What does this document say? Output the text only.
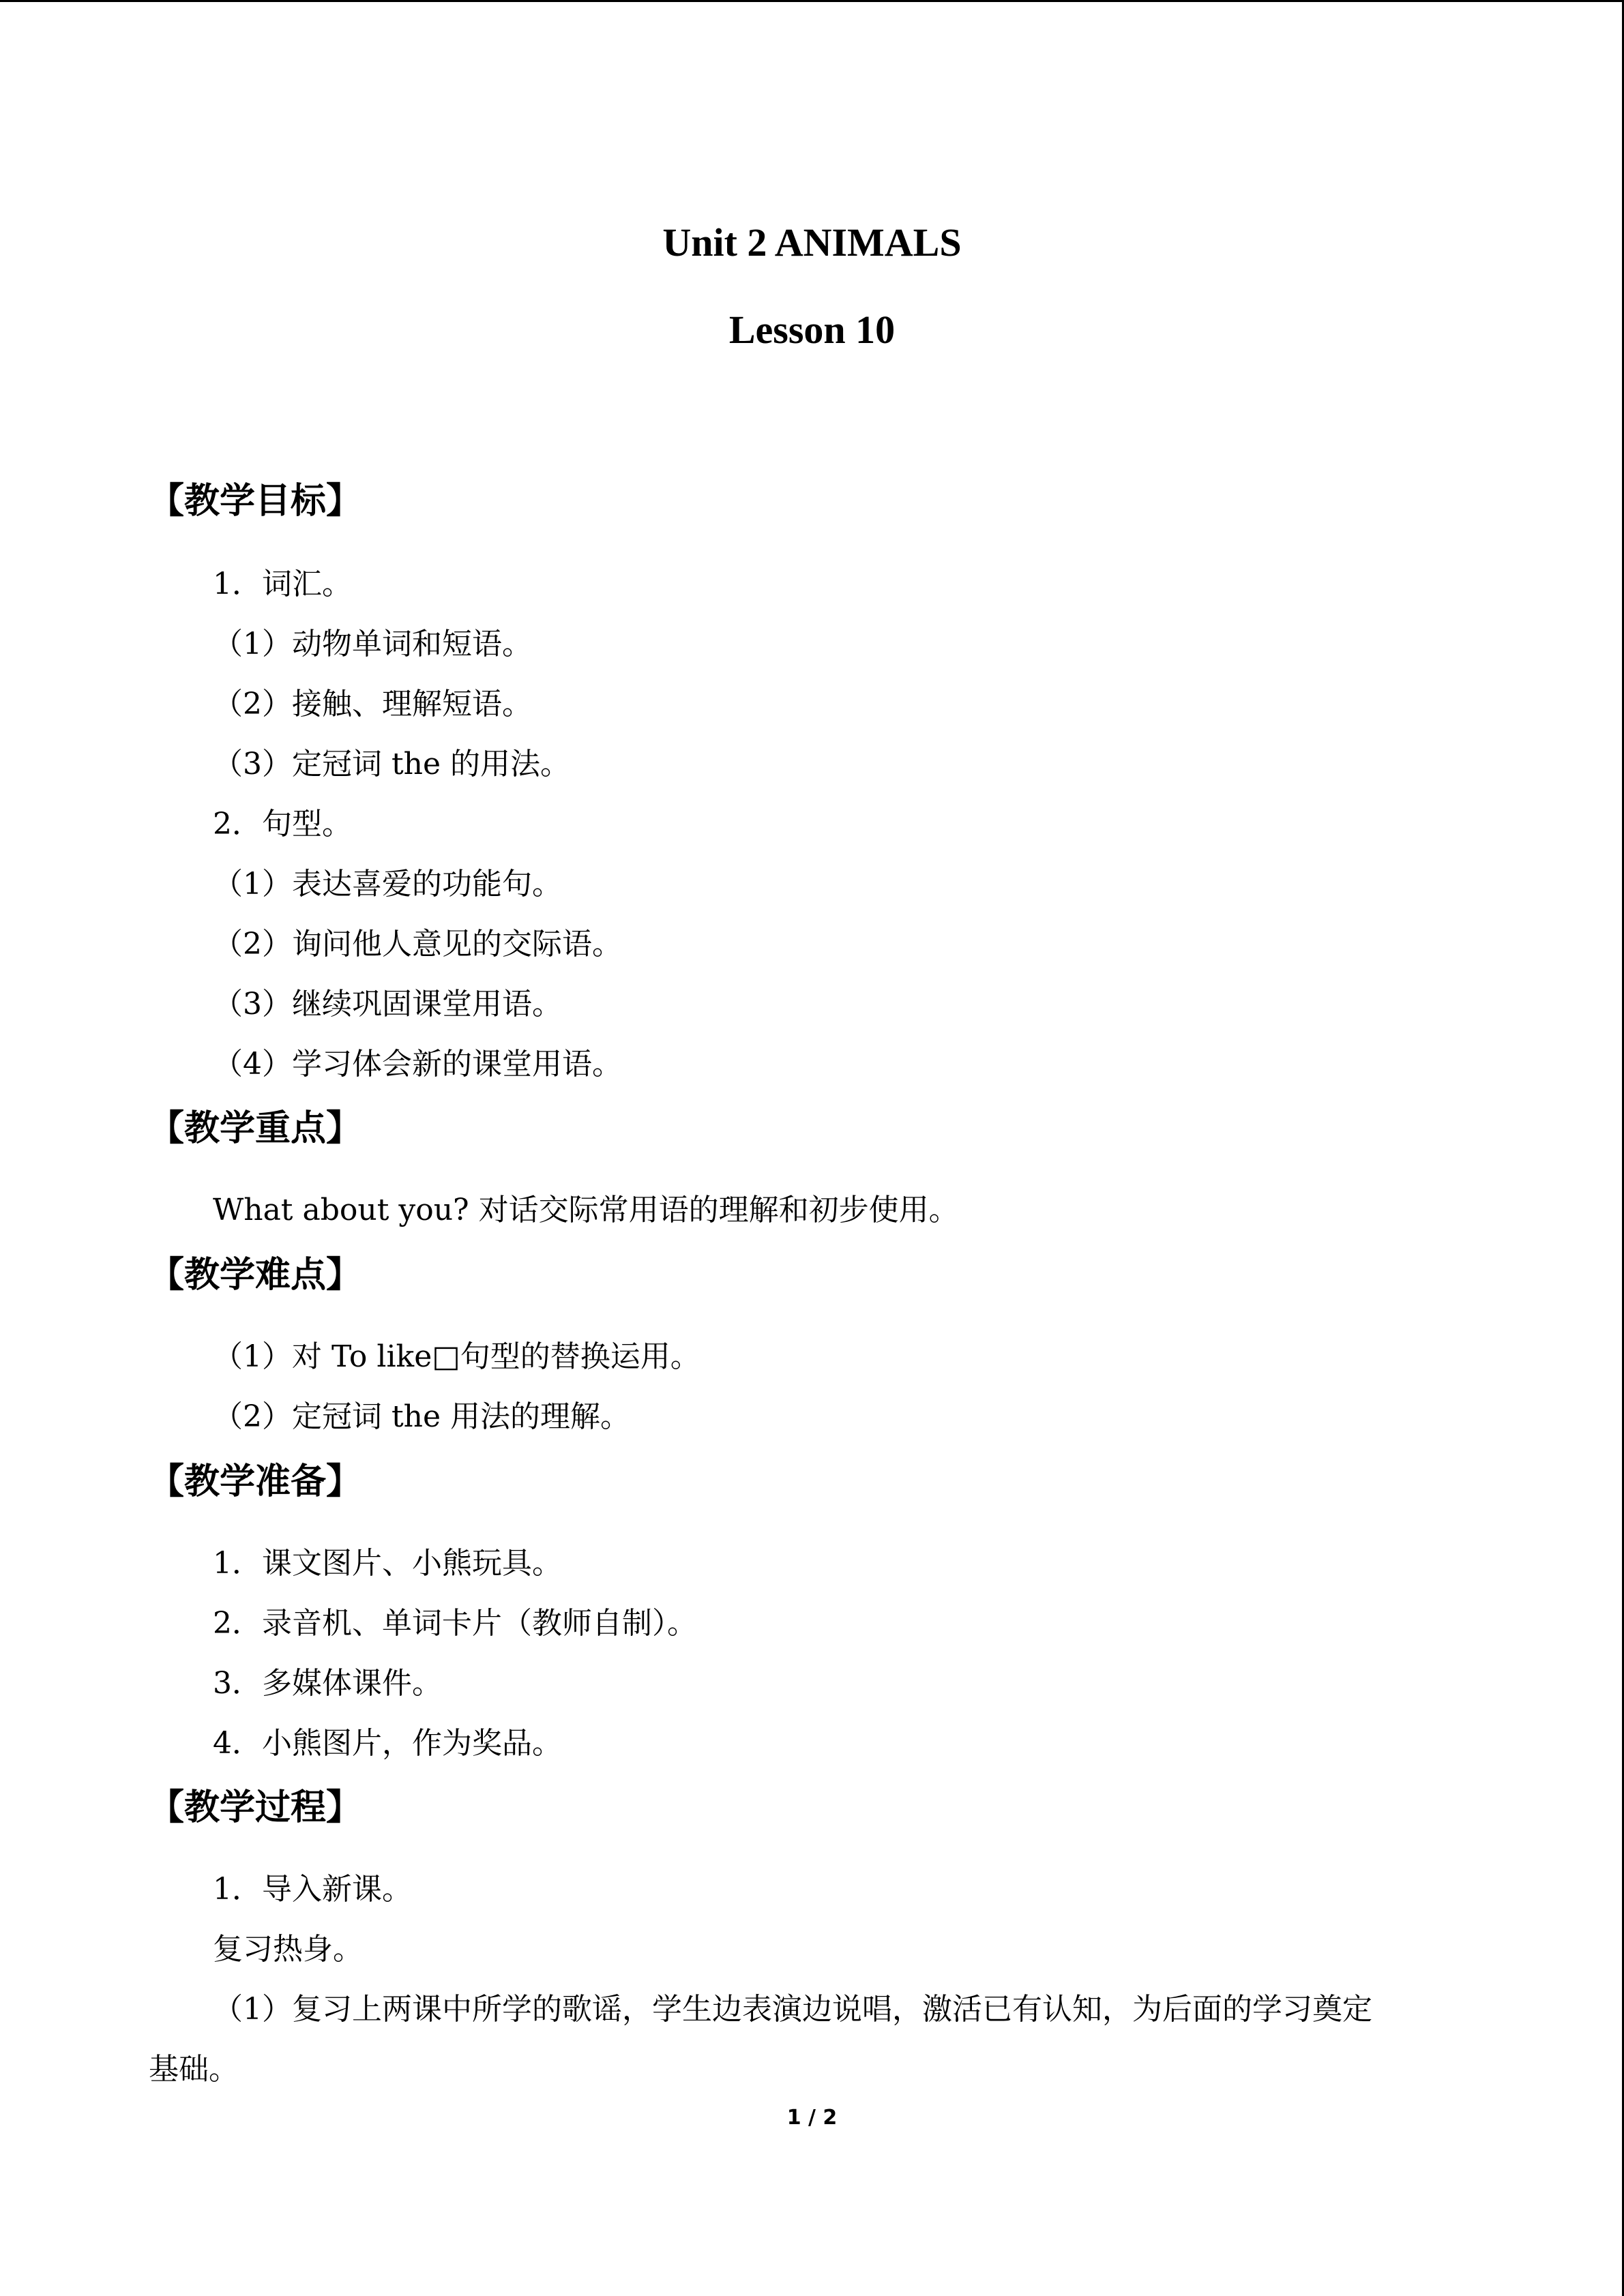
Unit 2 ANIMALS
Lesson 10
【教学目标】
1．词汇。
（1）动物单词和短语。
（2）接触、理解短语。
（3）定冠词 the 的用法。
2．句型。
（1）表达喜爱的功能句。
（2）询问他人意见的交际语。
（3）继续巩固课堂用语。
（4）学习体会新的课堂用语。
【教学重点】
What about you? 对话交际常用语的理解和初步使用。
【教学难点】
（1）对 To like□句型的替换运用。
（2）定冠词 the 用法的理解。
【教学准备】
1．课文图片、小熊玩具。
2．录音机、单词卡片（教师自制）。
3．多媒体课件。
4．小熊图片，作为奖品。
【教学过程】
1．导入新课。
复习热身。
（1）复习上两课中所学的歌谣，学生边表演边说唱，激活已有认知，为后面的学习奠定
基础。
1 / 2
